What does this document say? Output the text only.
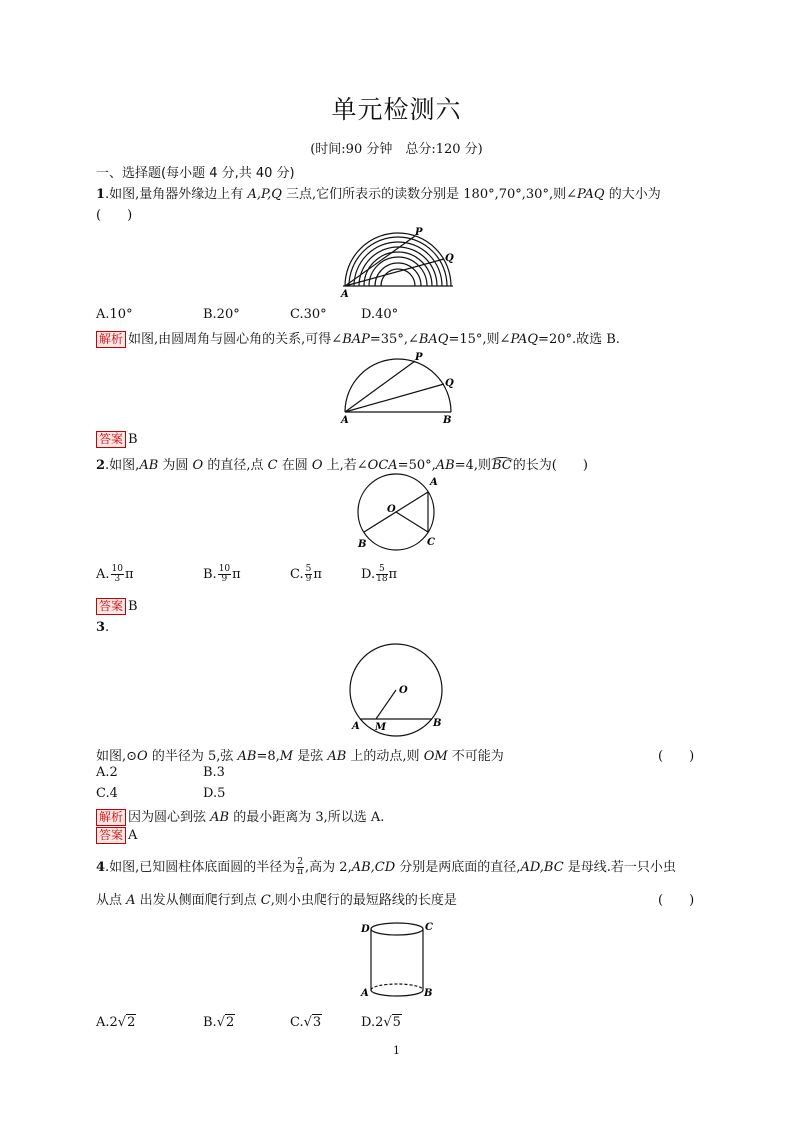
单元检测六
(时间:90 分钟　总分:120 分)
一、选择题(每小题 4 分,共 40 分)
1.如图,量角器外缘边上有 A,P,Q 三点,它们所表示的读数分别是 180°,70°,30°,则∠PAQ 的大小为
(　　)
P
Q
A
A.10°	B.20°	C.30°	D.40°
解析 如图,由圆周角与圆心角的关系,可得∠BAP=35°,∠BAQ=15°,则∠PAQ=20°.故选 B.
P
Q
A	B
答案 B
2.如图,AB 为圆 O 的直径,点 C 在圆 O 上,若∠OCA=50°,AB=4,则BC的长为(　　)
O
A
B	C
A. $\frac{10}{3}$ π	B. $\frac{10}{9}$ π	C. $\frac{5}{9}$ π	D. $\frac{5}{18}$ π
答案 B
3.
O
A M	B
如图,⊙O 的半径为 5,弦 AB=8,M 是弦 AB 上的动点,则 OM 不可能为	(　　)
A.2	B.3
C.4	D.5
解析 因为圆心到弦 AB 的最小距离为 3,所以选 A.
答案 A
4.如图,已知圆柱体底面圆的半径为 $\frac{2}{\pi}$ ,高为 2,AB,CD 分别是两底面的直径,AD,BC 是母线.若一只小虫
从点 A 出发从侧面爬行到点 C,则小虫爬行的最短路线的长度是	(　　)
D	C
A	B
A.2√2	B.√2	C.√3	D.2√5
1
